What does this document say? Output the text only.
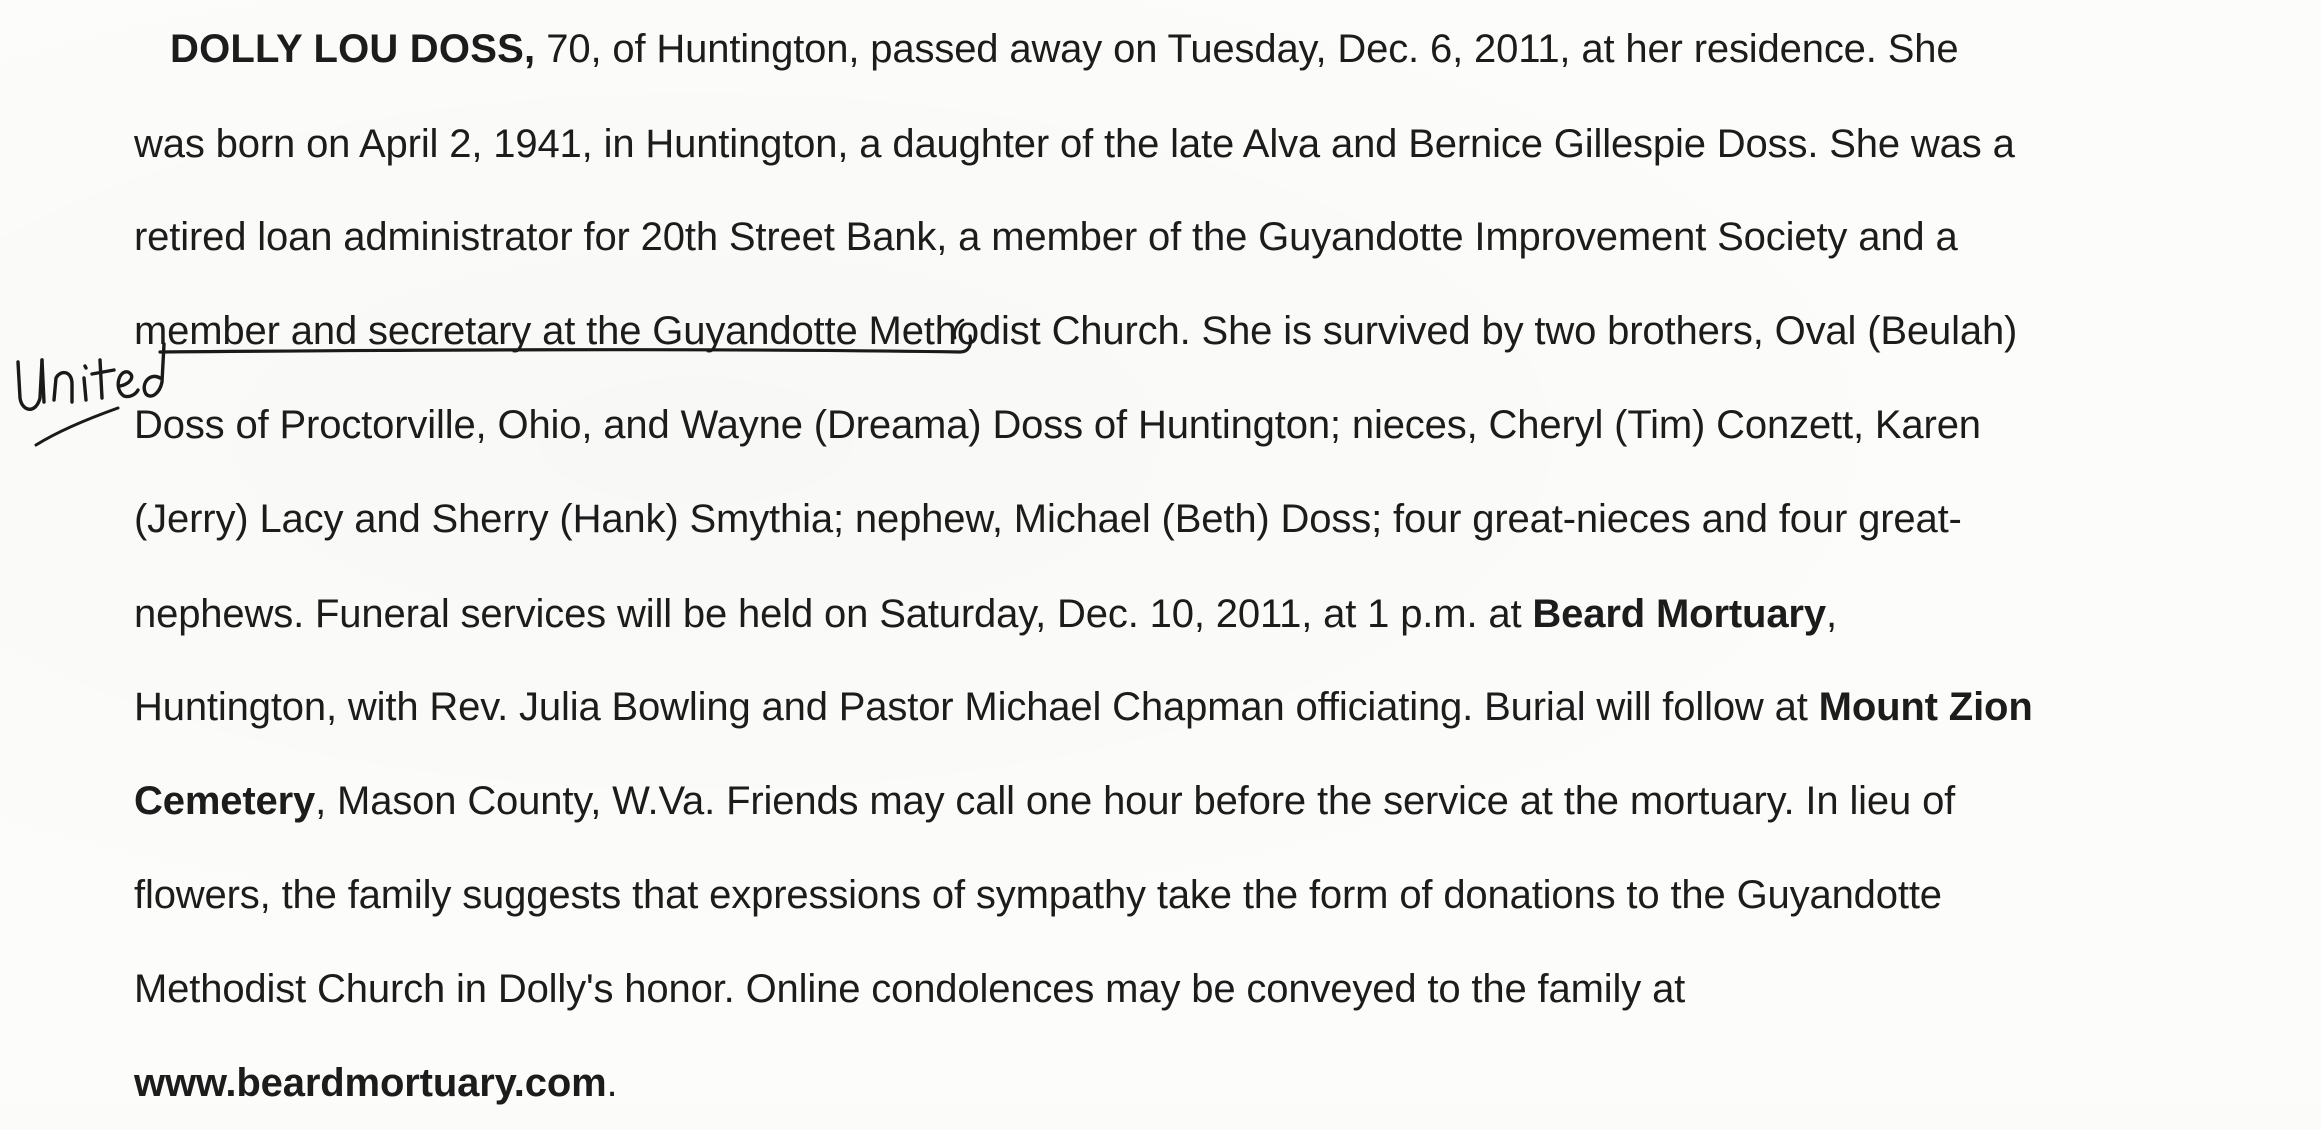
DOLLY LOU DOSS, 70, of Huntington, passed away on Tuesday, Dec. 6, 2011, at her residence. She
was born on April 2, 1941, in Huntington, a daughter of the late Alva and Bernice Gillespie Doss. She was a
retired loan administrator for 20th Street Bank, a member of the Guyandotte Improvement Society and a
member and secretary at the Guyandotte Methodist Church. She is survived by two brothers, Oval (Beulah)
Doss of Proctorville, Ohio, and Wayne (Dreama) Doss of Huntington; nieces, Cheryl (Tim) Conzett, Karen
(Jerry) Lacy and Sherry (Hank) Smythia; nephew, Michael (Beth) Doss; four great-nieces and four great-
nephews. Funeral services will be held on Saturday, Dec. 10, 2011, at 1 p.m. at Beard Mortuary,
Huntington, with Rev. Julia Bowling and Pastor Michael Chapman officiating. Burial will follow at Mount Zion
Cemetery, Mason County, W.Va. Friends may call one hour before the service at the mortuary. In lieu of
flowers, the family suggests that expressions of sympathy take the form of donations to the Guyandotte
Methodist Church in Dolly's honor. Online condolences may be conveyed to the family at
www.beardmortuary.com.
